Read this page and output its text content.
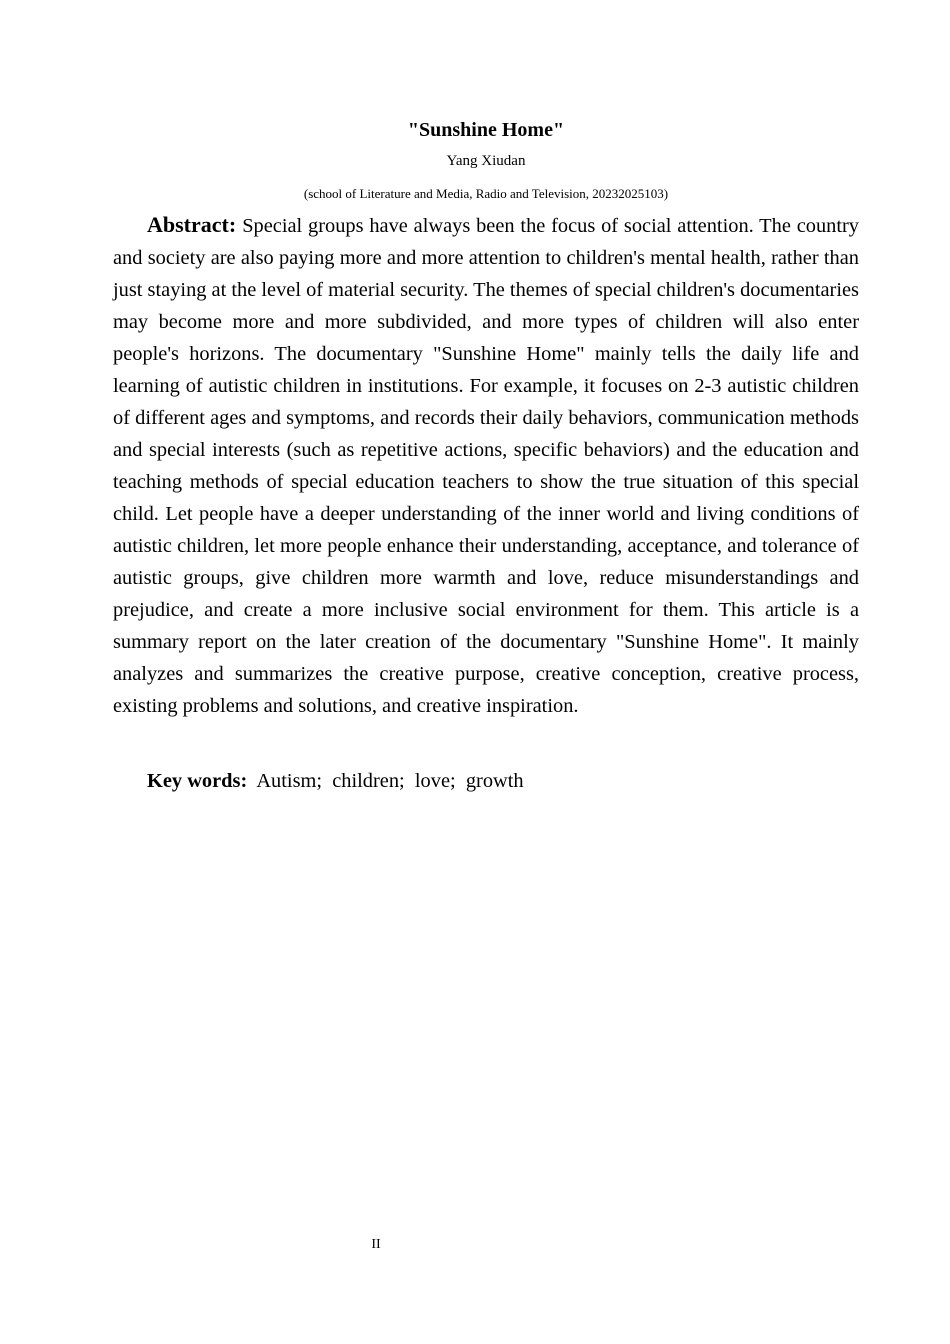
"Sunshine Home"
Yang Xiudan
(school of Literature and Media, Radio and Television, 20232025103)

Abstract: Special groups have always been the focus of social attention. The country and society are also paying more and more attention to children's mental health, rather than just staying at the level of material security. The themes of special children's documentaries may become more and more subdivided, and more types of children will also enter people's horizons. The documentary "Sunshine Home" mainly tells the daily life and learning of autistic children in institutions. For example, it focuses on 2-3 autistic children of different ages and symptoms, and records their daily behaviors, communication methods and special interests (such as repetitive actions, specific behaviors) and the education and teaching methods of special education teachers to show the true situation of this special child. Let people have a deeper understanding of the inner world and living conditions of autistic children, let more people enhance their understanding, acceptance, and tolerance of autistic groups, give children more warmth and love, reduce misunderstandings and prejudice, and create a more inclusive social environment for them. This article is a summary report on the later creation of the documentary "Sunshine Home". It mainly analyzes and summarizes the creative purpose, creative conception, creative process, existing problems and solutions, and creative inspiration.

Key words:  Autism;  children;  love;  growth

II
